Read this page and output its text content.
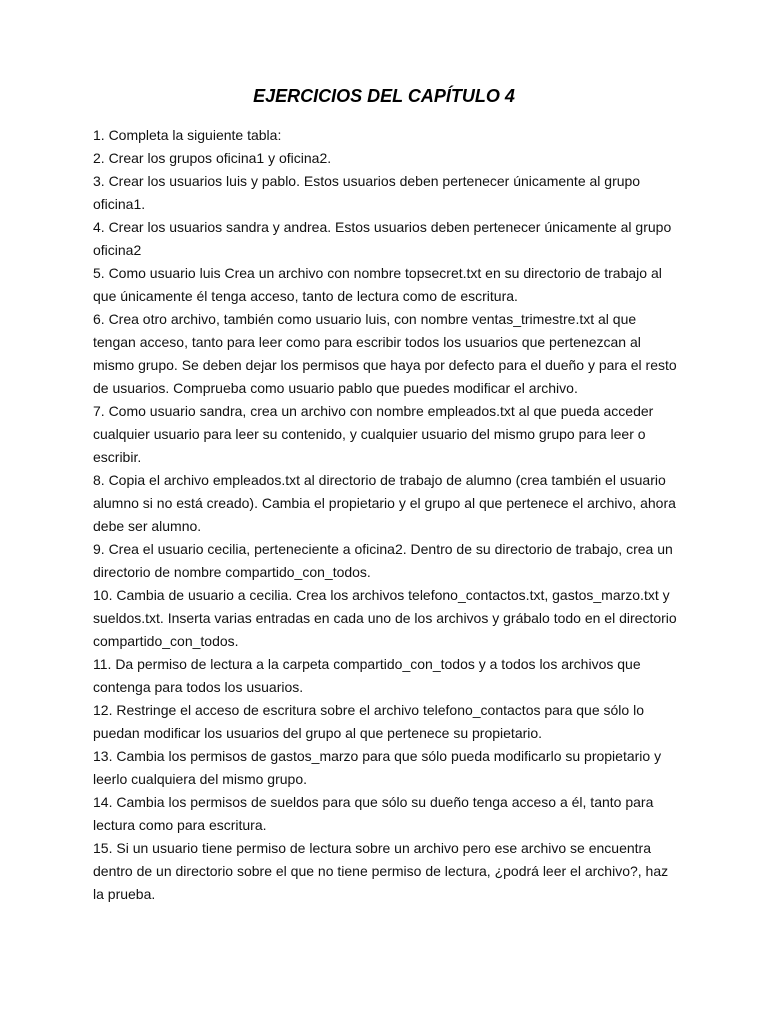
EJERCICIOS DEL CAPÍTULO 4

1. Completa la siguiente tabla:

2. Crear los grupos oficina1 y oficina2.

3. Crear los usuarios luis y pablo. Estos usuarios deben pertenecer únicamente al grupo oficina1.

4. Crear los usuarios sandra y andrea. Estos usuarios deben pertenecer únicamente al grupo oficina2

5. Como usuario luis Crea un archivo con nombre topsecret.txt en su directorio de trabajo al que únicamente él tenga acceso, tanto de lectura como de escritura.

6. Crea otro archivo, también como usuario luis, con nombre ventas_trimestre.txt al que tengan acceso, tanto para leer como para escribir todos los usuarios que pertenezcan al mismo grupo. Se deben dejar los permisos que haya por defecto para el dueño y para el resto de usuarios. Comprueba como usuario pablo que puedes modificar el archivo.

7. Como usuario sandra, crea un archivo con nombre empleados.txt al que pueda acceder cualquier usuario para leer su contenido, y cualquier usuario del mismo grupo para leer o escribir.

8. Copia el archivo empleados.txt al directorio de trabajo de alumno (crea también el usuario alumno si no está creado). Cambia el propietario y el grupo al que pertenece el archivo, ahora debe ser alumno.

9. Crea el usuario cecilia, perteneciente a oficina2. Dentro de su directorio de trabajo, crea un directorio de nombre compartido_con_todos.

10. Cambia de usuario a cecilia. Crea los archivos telefono_contactos.txt, gastos_marzo.txt y sueldos.txt. Inserta varias entradas en cada uno de los archivos y grábalo todo en el directorio compartido_con_todos.

11. Da permiso de lectura a la carpeta compartido_con_todos y a todos los archivos que contenga para todos los usuarios.

12. Restringe el acceso de escritura sobre el archivo telefono_contactos para que sólo lo puedan modificar los usuarios del grupo al que pertenece su propietario.

13. Cambia los permisos de gastos_marzo para que sólo pueda modificarlo su propietario y leerlo cualquiera del mismo grupo.

14. Cambia los permisos de sueldos para que sólo su dueño tenga acceso a él, tanto para lectura como para escritura.

15. Si un usuario tiene permiso de lectura sobre un archivo pero ese archivo se encuentra dentro de un directorio sobre el que no tiene permiso de lectura, ¿podrá leer el archivo?, haz la prueba.
